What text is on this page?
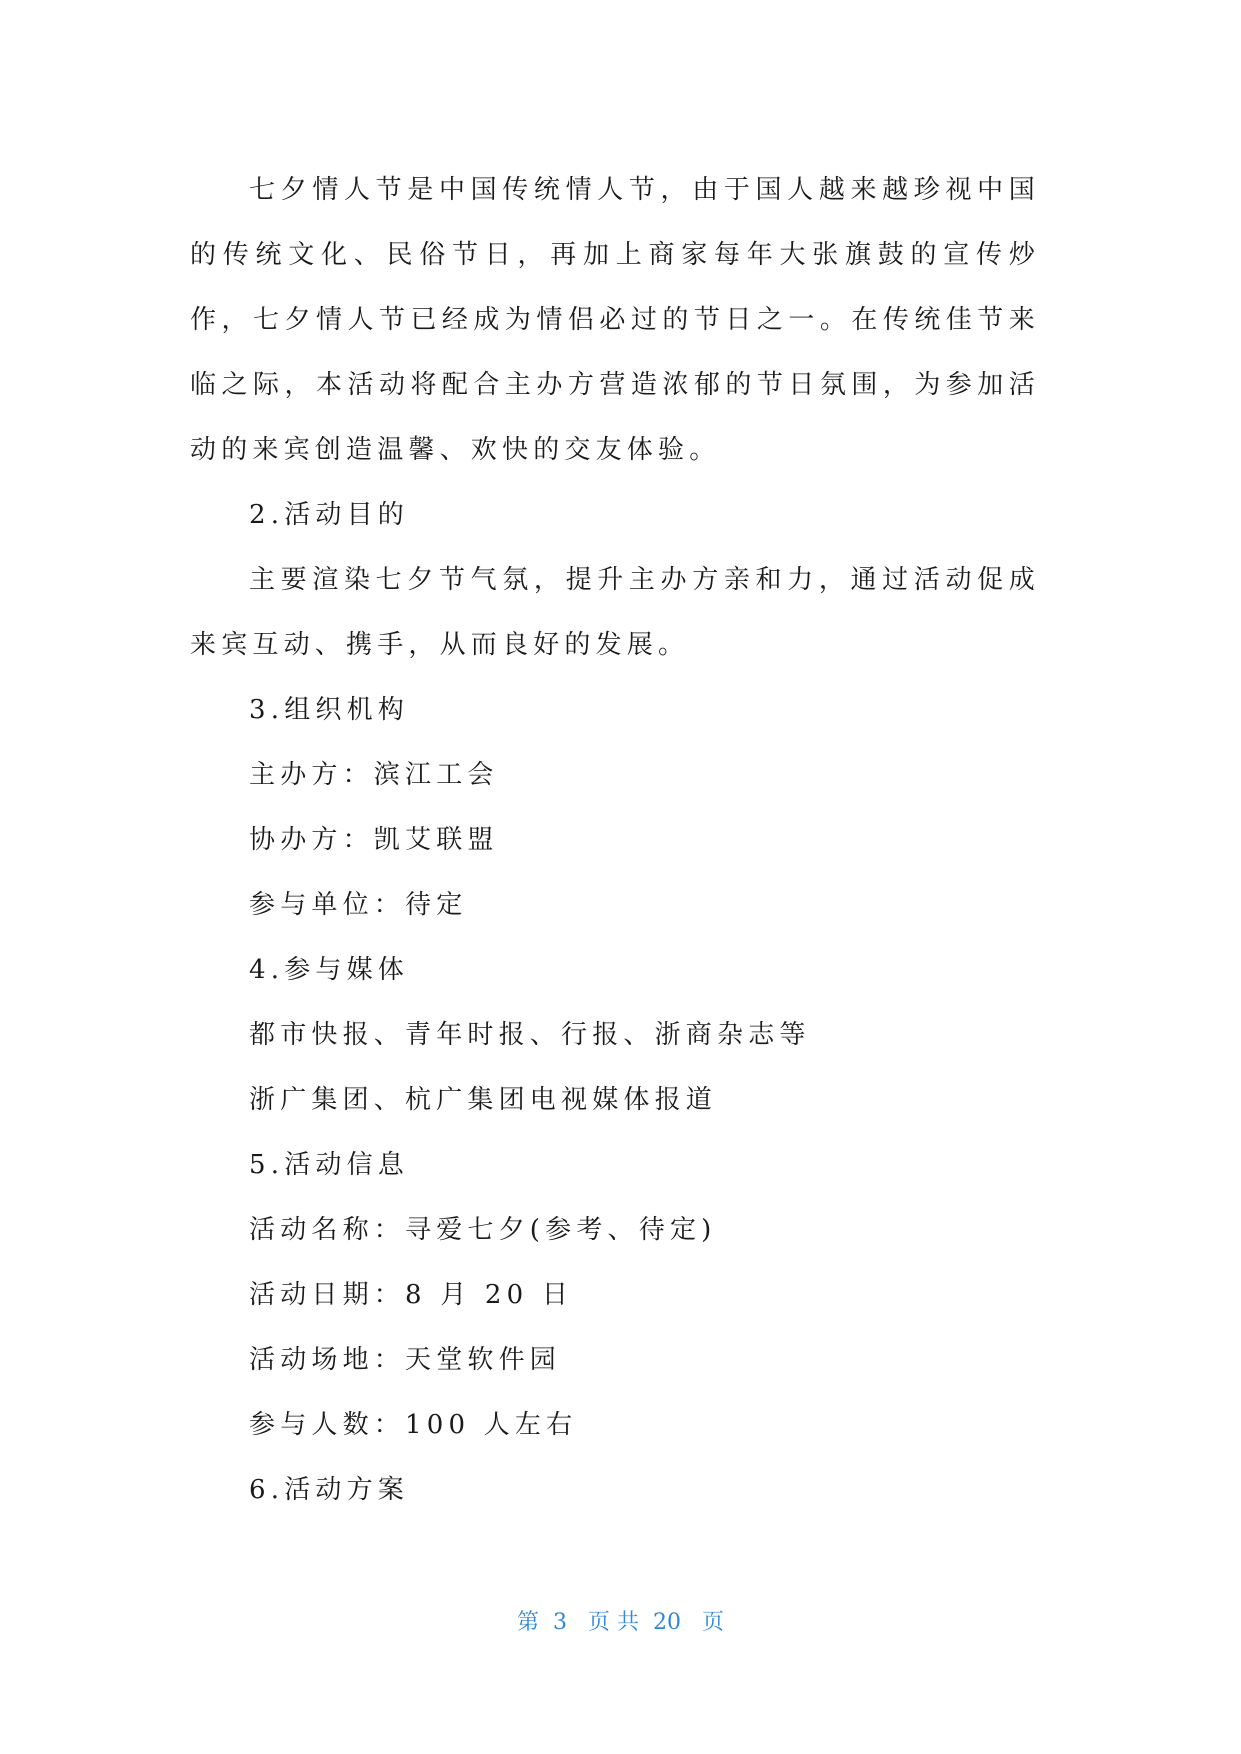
七夕情人节是中国传统情人节，由于国人越来越珍视中国的传统文化、民俗节日，再加上商家每年大张旗鼓的宣传炒作，七夕情人节已经成为情侣必过的节日之一。在传统佳节来临之际，本活动将配合主办方营造浓郁的节日氛围，为参加活动的来宾创造温馨、欢快的交友体验。

2.活动目的

主要渲染七夕节气氛，提升主办方亲和力，通过活动促成来宾互动、携手，从而良好的发展。

3.组织机构

主办方：滨江工会

协办方：凯艾联盟

参与单位：待定

4.参与媒体

都市快报、青年时报、行报、浙商杂志等

浙广集团、杭广集团电视媒体报道

5.活动信息

活动名称：寻爱七夕(参考、待定)

活动日期：8 月 20 日

活动场地：天堂软件园

参与人数：100 人左右

6.活动方案

第  3   页 共  20   页
